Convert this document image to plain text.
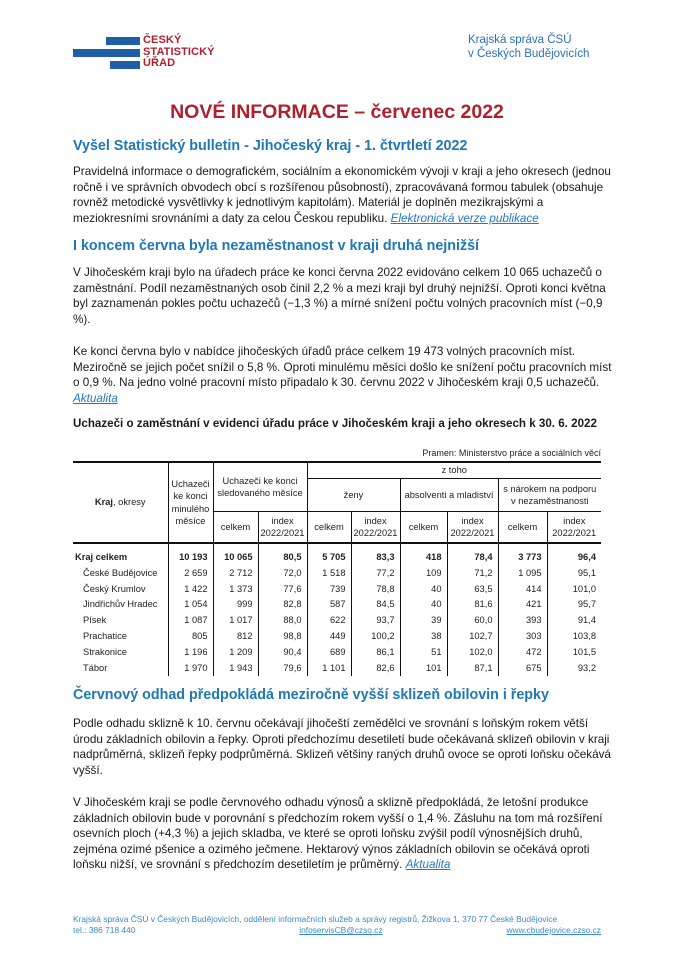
ČESKÝ
STATISTICKÝ
ÚŘAD
Krajská správa ČSÚ
v Českých Budějovicích
NOVÉ INFORMACE – červenec 2022
Vyšel Statistický bulletin - Jihočeský kraj - 1. čtvrtletí 2022
Pravidelná informace o demografickém, sociálním a ekonomickém vývoji v kraji a jeho okresech (jednou ročně i ve správních obvodech obcí s rozšířenou působností), zpracovávaná formou tabulek (obsahuje rovněž metodické vysvětlivky k jednotlivým kapitolám). Materiál je doplněn mezikrajskými a meziokresními srovnáními a daty za celou Českou republiku. Elektronická verze publikace
I koncem června byla nezaměstnanost v kraji druhá nejnižší
V Jihočeském kraji bylo na úřadech práce ke konci června 2022 evidováno celkem 10 065 uchazečů o zaměstnání. Podíl nezaměstnaných osob činil 2,2 % a mezi kraji byl druhý nejnižší. Oproti konci května byl zaznamenán pokles počtu uchazečů (−1,3 %) a mírné snížení počtu volných pracovních míst (−0,9 %).
Ke konci června bylo v nabídce jihočeských úřadů práce celkem 19 473 volných pracovních míst. Meziročně se jejich počet snížil o 5,8 %. Oproti minulému měsíci došlo ke snížení počtu pracovních míst o 0,9 %. Na jedno volné pracovní místo připadalo k 30. červnu 2022 v Jihočeském kraji 0,5 uchazečů. Aktualita
Uchazeči o zaměstnání v evidenci úřadu práce v Jihočeském kraji a jeho okresech k 30. 6. 2022
Pramen: Ministerstvo práce a sociálních věcí
Kraj, okresy	Uchazeči ke konci minulého měsíce	Uchazeči ke konci sledovaného měsíce		z toho					
				ženy		absolventi a mladiství		s nárokem na podporu v nezaměstnanosti	
		celkem	index 2022/2021	celkem	index 2022/2021	celkem	index 2022/2021	celkem	index 2022/2021
Kraj celkem	10 193	10 065	80,5	5 705	83,3	418	78,4	3 773	96,4
České Budějovice	2 659	2 712	72,0	1 518	77,2	109	71,2	1 095	95,1
Český Krumlov	1 422	1 373	77,6	739	78,8	40	63,5	414	101,0
Jindřichův Hradec	1 054	999	82,8	587	84,5	40	81,6	421	95,7
Písek	1 087	1 017	88,0	622	93,7	39	60,0	393	91,4
Prachatice	805	812	98,8	449	100,2	38	102,7	303	103,8
Strakonice	1 196	1 209	90,4	689	86,1	51	102,0	472	101,5
Tábor	1 970	1 943	79,6	1 101	82,6	101	87,1	675	93,2
Červnový odhad předpokládá meziročně vyšší sklizeň obilovin i řepky
Podle odhadu sklizně k 10. červnu očekávají jihočeští zemědělci ve srovnání s loňským rokem větší úrodu základních obilovin a řepky. Oproti předchozímu desetiletí bude očekávaná sklizeň obilovin v kraji nadprůměrná, sklizeň řepky podprůměrná. Sklizeň většiny raných druhů ovoce se oproti loňsku očekává vyšší.
V Jihočeském kraji se podle červnového odhadu výnosů a sklizně předpokládá, že letošní produkce základních obilovin bude v porovnání s předchozím rokem vyšší o 1,4 %. Zásluhu na tom má rozšíření osevních ploch (+4,3 %) a jejich skladba, ve které se oproti loňsku zvýšil podíl výnosnějších druhů, zejména ozimé pšenice a ozimého ječmene. Hektarový výnos základních obilovin se očekává oproti loňsku nižší, ve srovnání s předchozím desetiletím je průměrný. Aktualita
Krajská správa ČSÚ v Českých Budějovicích, oddělení informačních služeb a správy registrů, Žižkova 1, 370 77 České Budějovice
tel.: 386 718 440	infoservisCB@czso.cz	www.cbudejovice.czso.cz
